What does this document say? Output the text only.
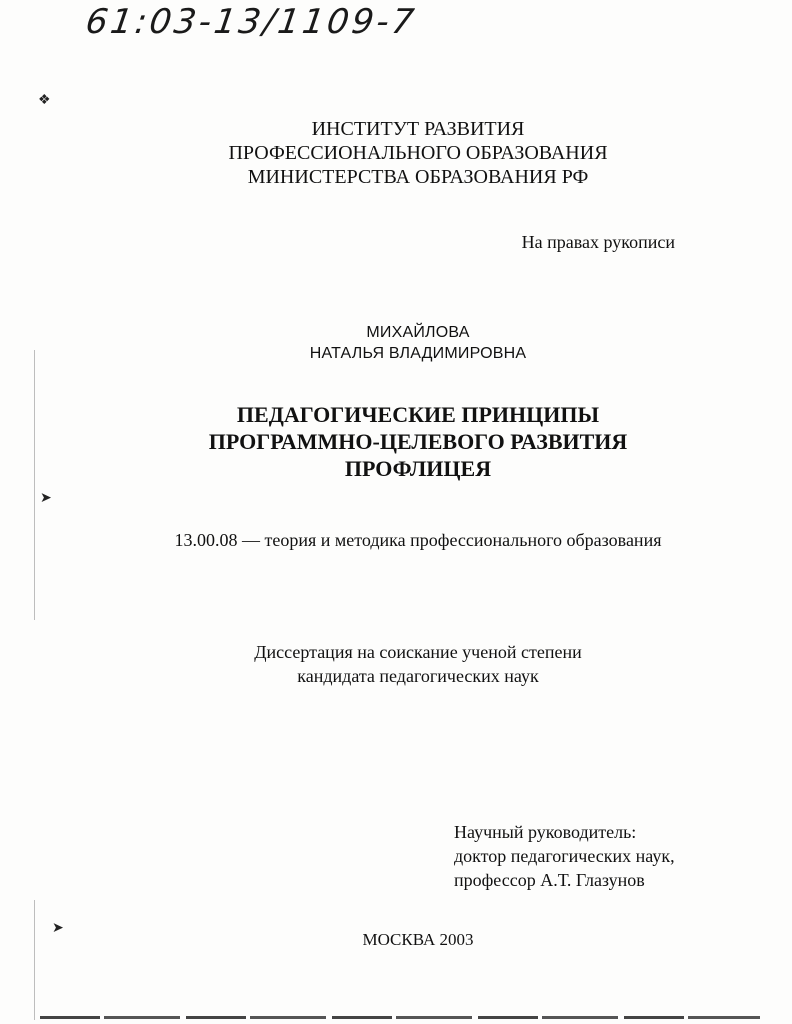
61:03-13/1109-7
❖
➤
➤
ИНСТИТУТ РАЗВИТИЯ
ПРОФЕССИОНАЛЬНОГО ОБРАЗОВАНИЯ
МИНИСТЕРСТВА ОБРАЗОВАНИЯ РФ
На правах рукописи
МИХАЙЛОВА
НАТАЛЬЯ ВЛАДИМИРОВНА
ПЕДАГОГИЧЕСКИЕ ПРИНЦИПЫ
ПРОГРАММНО-ЦЕЛЕВОГО РАЗВИТИЯ
ПРОФЛИЦЕЯ
13.00.08 — теория и методика профессионального образования
Диссертация на соискание ученой степени
кандидата педагогических наук
Научный руководитель:
доктор педагогических наук,
профессор А.Т. Глазунов
МОСКВА 2003
